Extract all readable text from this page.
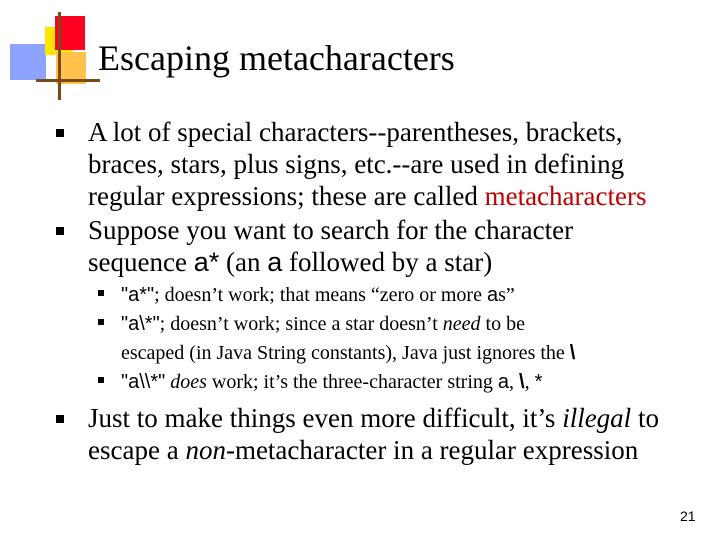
Escaping metacharacters
A lot of special characters--parentheses, brackets,
braces, stars, plus signs, etc.--are used in defining
regular expressions; these are called metacharacters
Suppose you want to search for the character
sequence a* (an a followed by a star)
"a*"; doesn’t work; that means “zero or more as”
"a\*"; doesn’t work; since a star doesn’t need to be
escaped (in Java String constants), Java just ignores the \
"a\\*" does work; it’s the three-character string a, \, *
Just to make things even more difficult, it’s illegal to
escape a non-metacharacter in a regular expression
21
